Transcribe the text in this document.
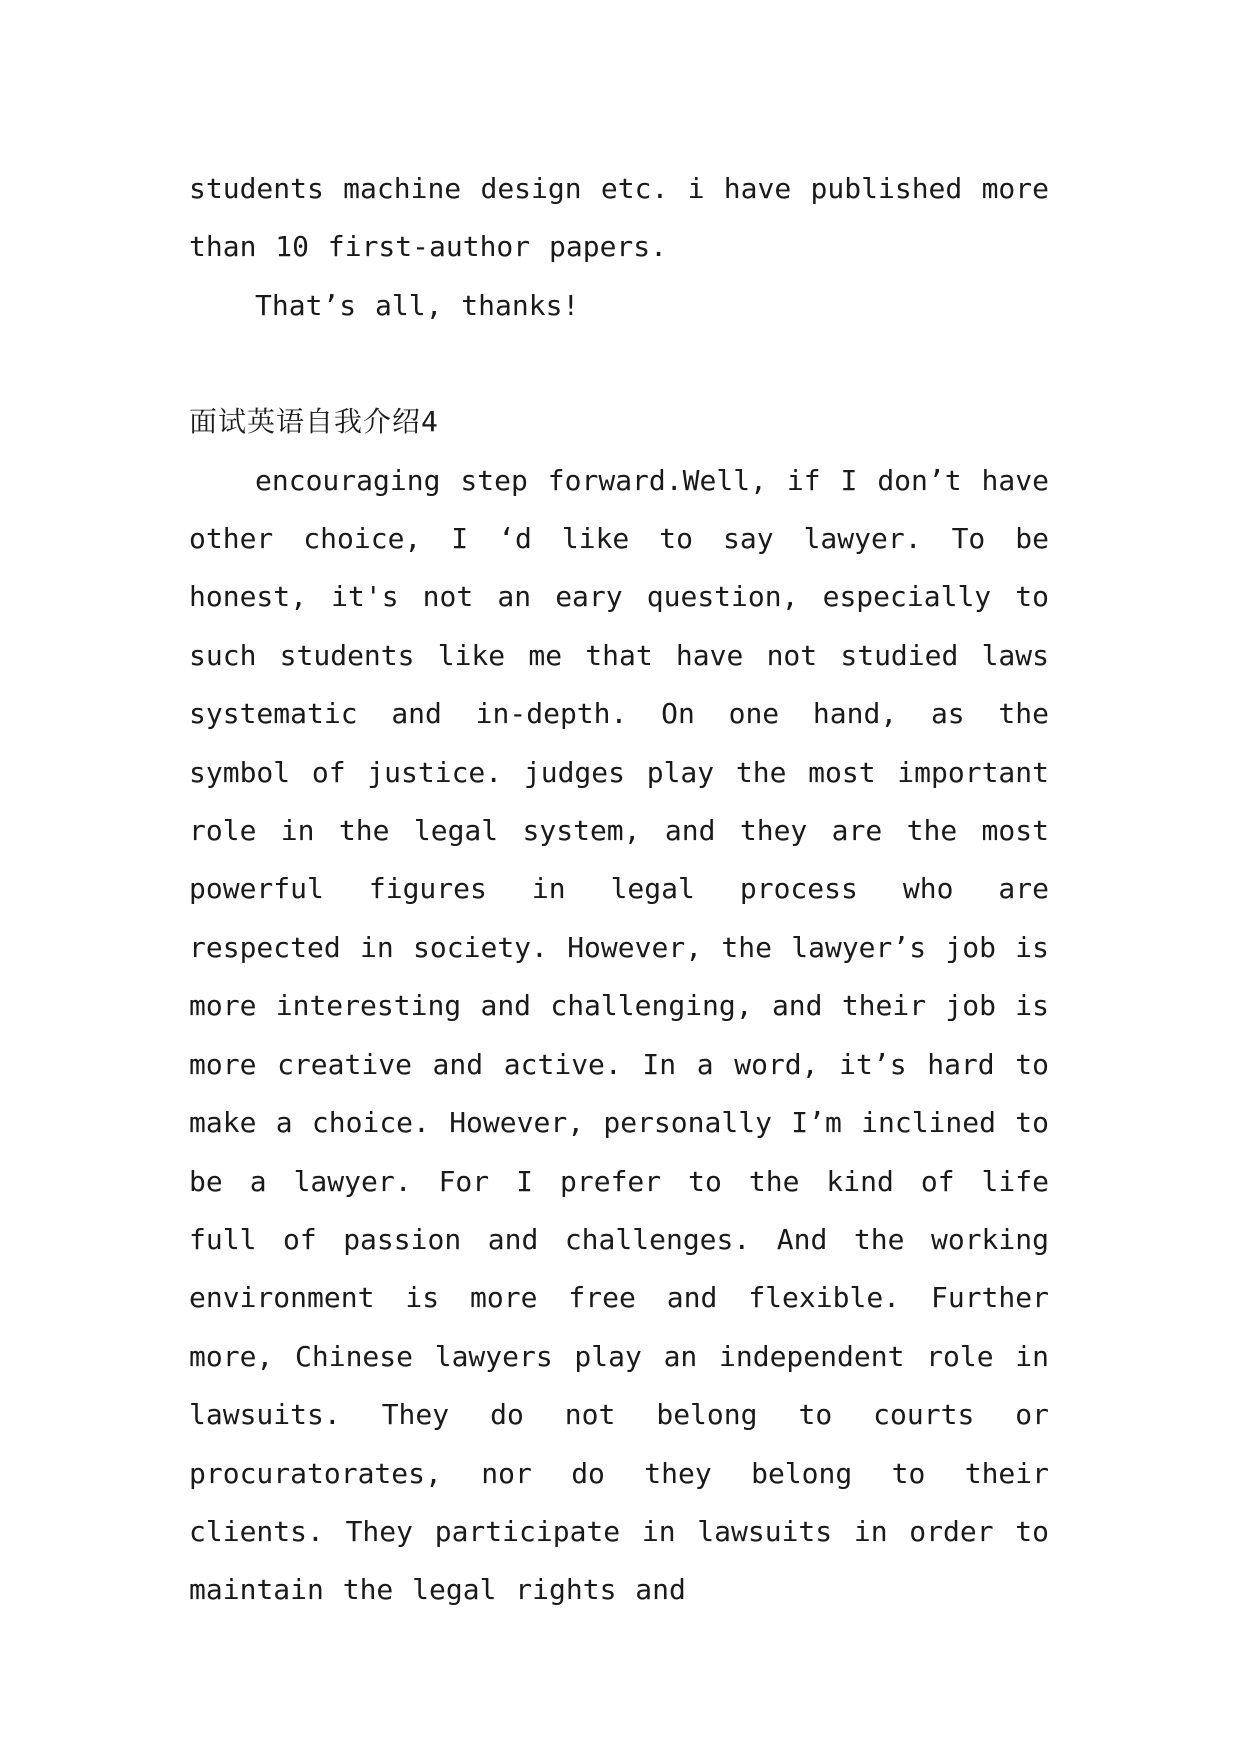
students machine design etc. i have published more than 10 first-author papers.

That’s all, thanks!

面试英语自我介绍4

encouraging step forward.Well, if I don’t have other choice, I ‘d like to say lawyer. To be honest, it's not an eary question, especially to such students like me that have not studied laws systematic and in-depth. On one hand, as the symbol of justice. judges play the most important role in the legal system, and they are the most powerful figures in legal process who are respected in society. However, the lawyer’s job is more interesting and challenging, and their job is more creative and active. In a word, it’s hard to make a choice. However, personally I’m inclined to be a lawyer. For I prefer to the kind of life full of passion and challenges. And the working environment is more free and flexible. Further more, Chinese lawyers play an independent role in lawsuits. They do not belong to courts or procuratorates, nor do they belong to their clients. They participate in lawsuits in order to maintain the legal rights and
